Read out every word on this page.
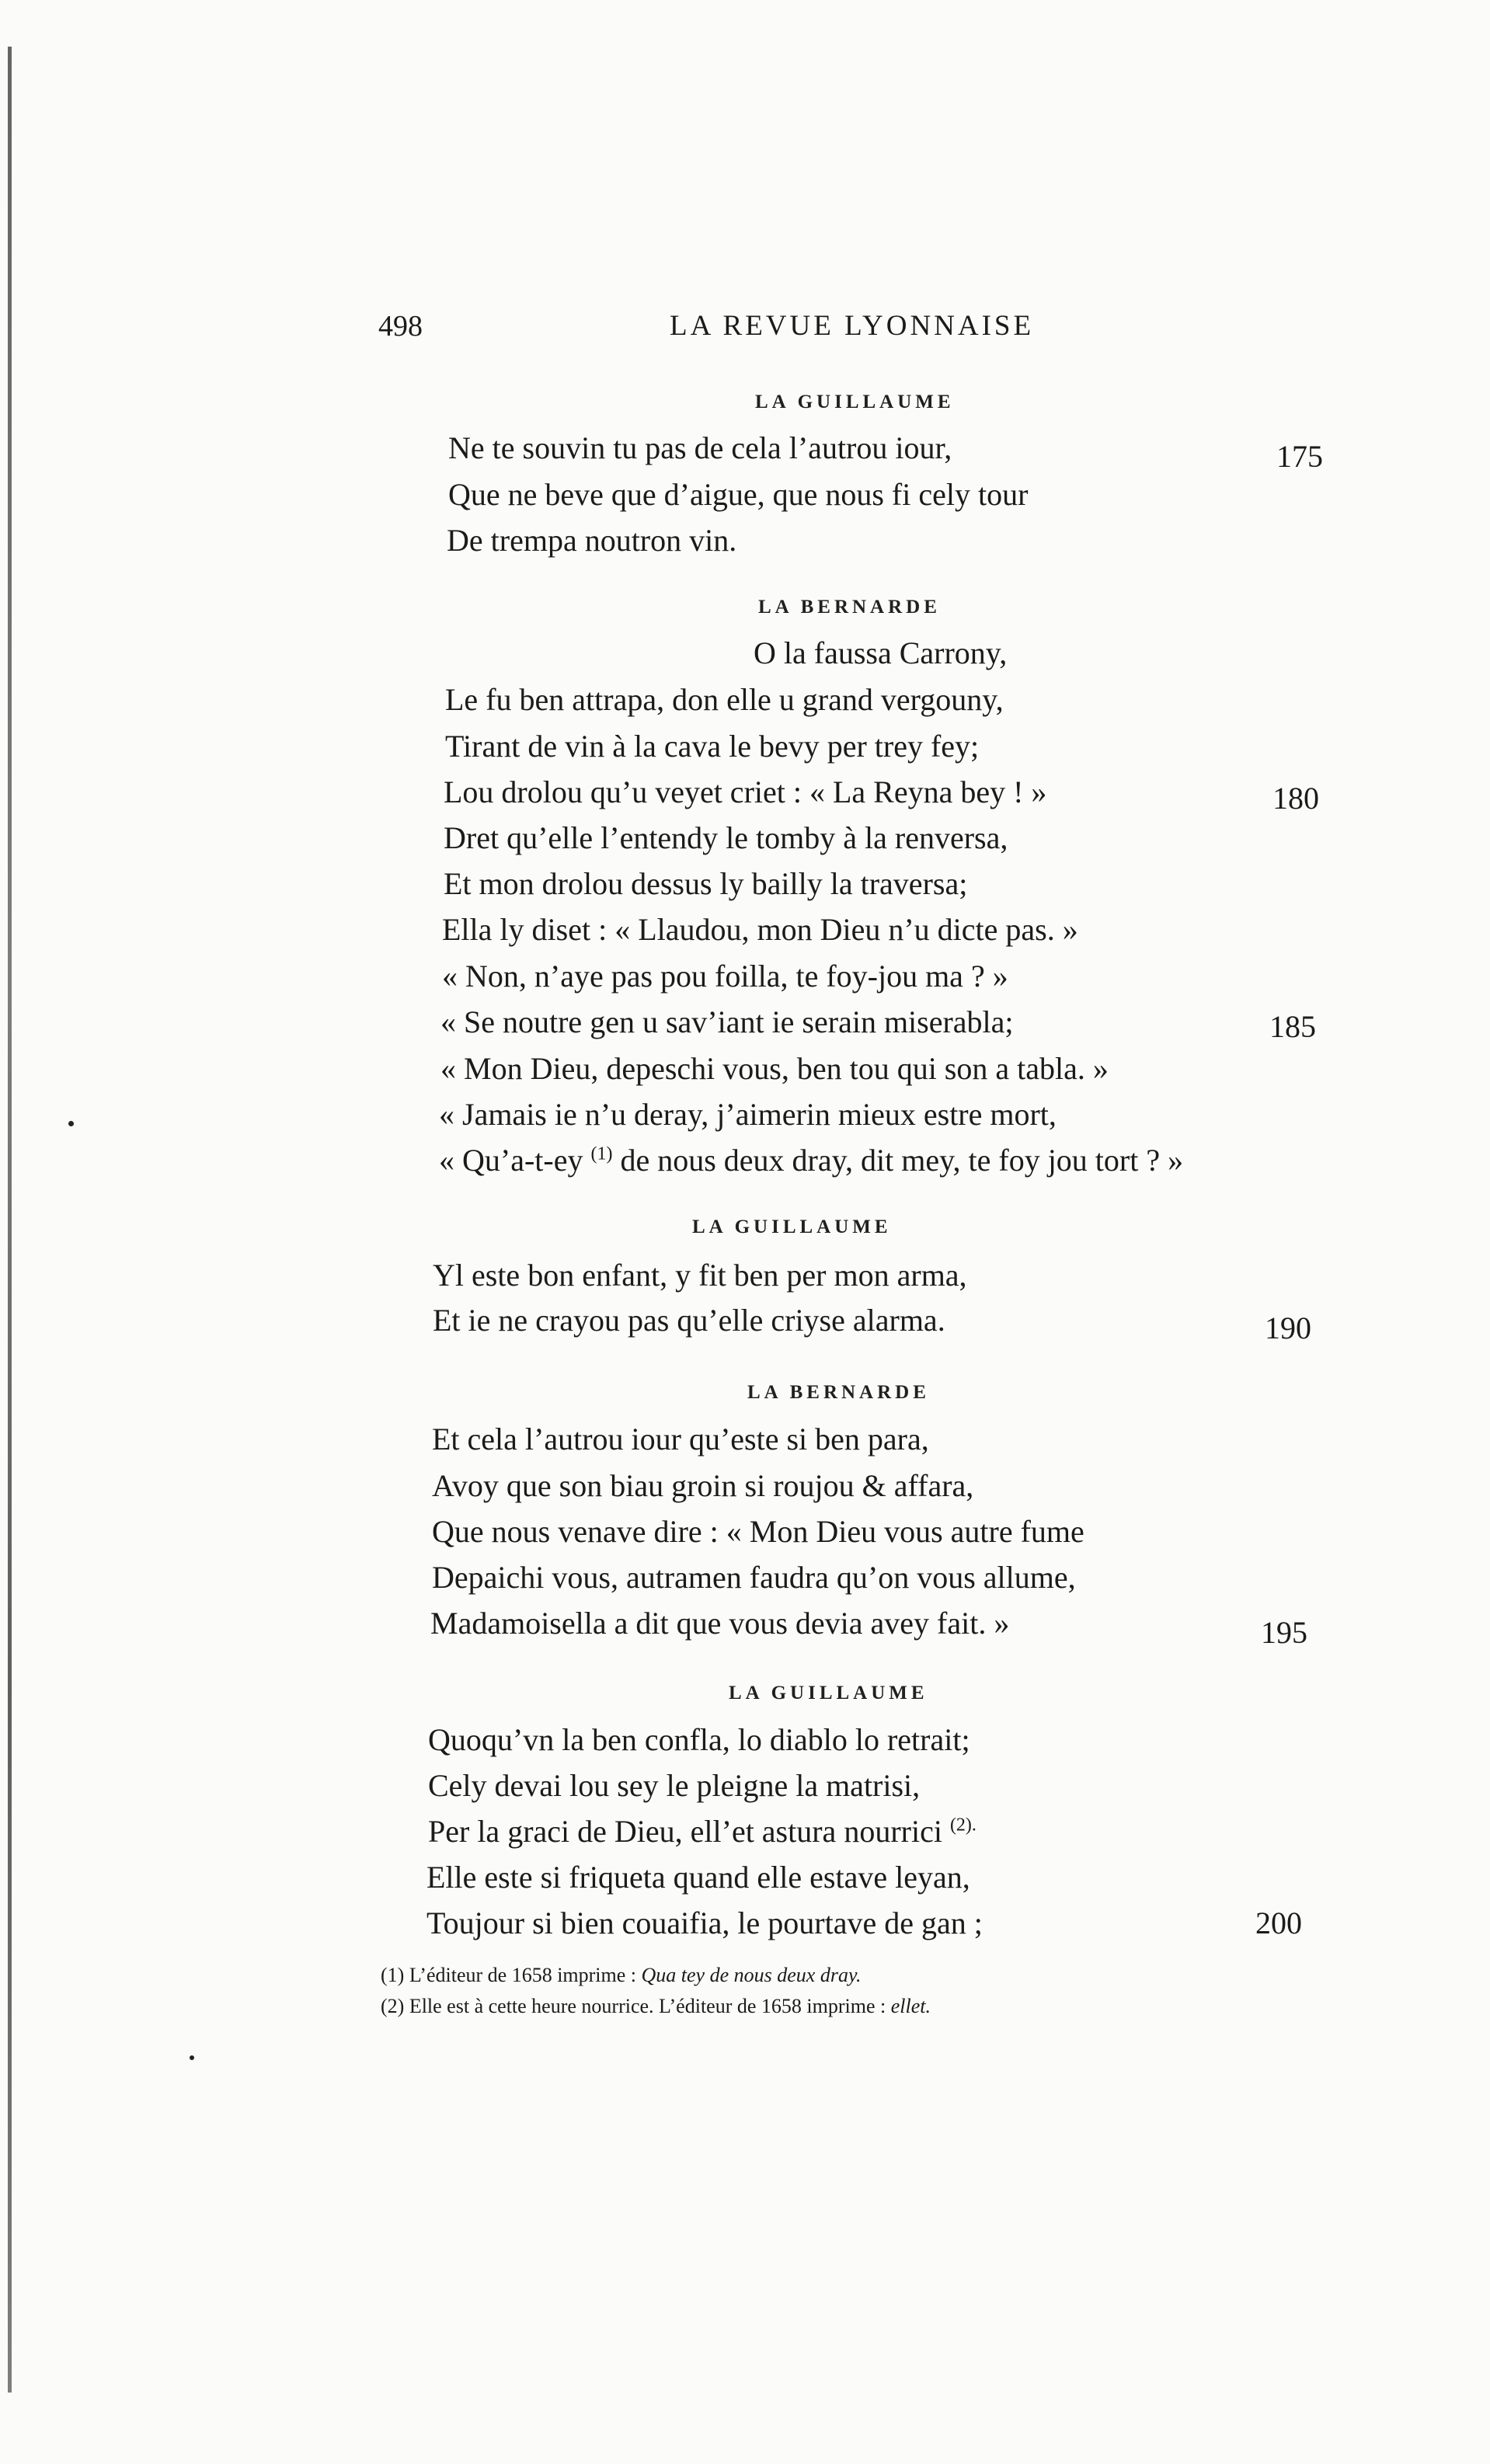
498	LA REVUE LYONNAISE
LA GUILLAUME
Ne te souvin tu pas de cela l’autrou iour,	175
Que ne beve que d’aigue, que nous fi cely tour
De trempa noutron vin.
LA BERNARDE
O la faussa Carrony,
Le fu ben attrapa, don elle u grand vergouny,
Tirant de vin à la cava le bevy per trey fey;
Lou drolou qu’u veyet criet : « La Reyna bey ! »	180
Dret qu’elle l’entendy le tomby à la renversa,
Et mon drolou dessus ly bailly la traversa;
Ella ly diset : « Llaudou, mon Dieu n’u dicte pas. »
« Non, n’aye pas pou foilla, te foy-jou ma ? »
« Se noutre gen u sav’iant ie serain miserabla;	185
« Mon Dieu, depeschi vous, ben tou qui son a tabla. »
« Jamais ie n’u deray, j’aimerin mieux estre mort,
« Qu’a-t-ey $^{(1)}$ de nous deux dray, dit mey, te foy jou tort ? »
LA GUILLAUME
Yl este bon enfant, y fit ben per mon arma,
Et ie ne crayou pas qu’elle criyse alarma.	190
LA BERNARDE
Et cela l’autrou iour qu’este si ben para,
Avoy que son biau groin si roujou & affara,
Que nous venave dire : « Mon Dieu vous autre fume
Depaichi vous, autramen faudra qu’on vous allume,
Madamoisella a dit que vous devia avey fait. »	195
LA GUILLAUME
Quoqu’vn la ben confla, lo diablo lo retrait;
Cely devai lou sey le pleigne la matrisi,
Per la graci de Dieu, ell’et astura nourrici $^{(2).}$
Elle este si friqueta quand elle estave leyan,
Toujour si bien couaifia, le pourtave de gan ;	200
(1) L’éditeur de 1658 imprime : Qua tey de nous deux dray.
(2) Elle est à cette heure nourrice. L’éditeur de 1658 imprime : ellet.
